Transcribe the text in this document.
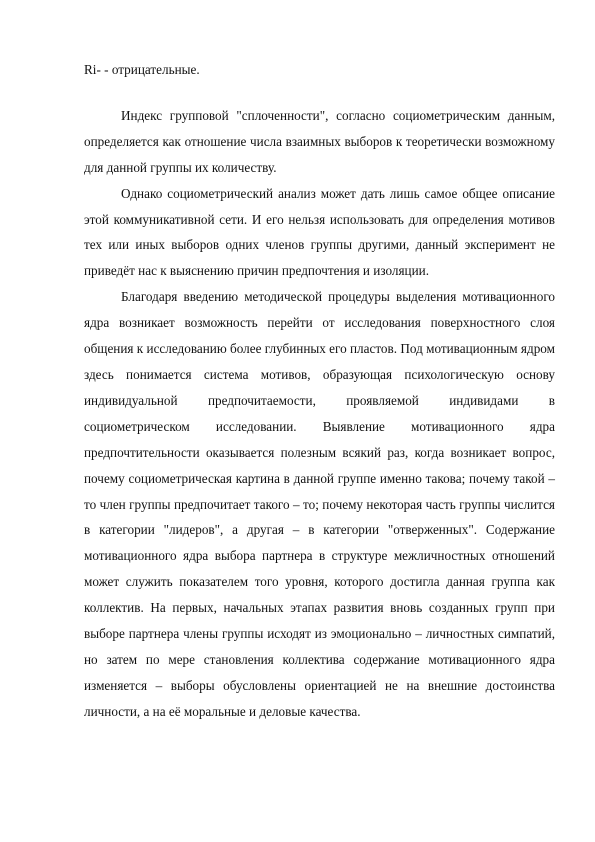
Ri- - отрицательные.

Индекс групповой "сплоченности", согласно социометрическим данным, определяется как отношение числа взаимных выборов к теоретически возможному для данной группы их количеству.

Однако социометрический анализ может дать лишь самое общее описание этой коммуникативной сети. И его нельзя использовать для определения мотивов тех или иных выборов одних членов группы другими, данный эксперимент не приведёт нас к выяснению причин предпочтения и изоляции.

Благодаря введению методической процедуры выделения мотивационного ядра возникает возможность перейти от исследования поверхностного слоя общения к исследованию более глубинных его пластов. Под мотивационным ядром здесь понимается система мотивов, образующая психологическую основу индивидуальной предпочитаемости, проявляемой индивидами в социометрическом исследовании. Выявление мотивационного ядра предпочтительности оказывается полезным всякий раз, когда возникает вопрос, почему социометрическая картина в данной группе именно такова; почему такой –то член группы предпочитает такого – то; почему некоторая часть группы числится в категории "лидеров", а другая – в категории "отверженных". Содержание мотивационного ядра выбора партнера в структуре межличностных отношений может служить показателем того уровня, которого достигла данная группа как коллектив. На первых, начальных этапах развития вновь созданных групп при выборе партнера члены группы исходят из эмоционально – личностных симпатий, но затем по мере становления коллектива содержание мотивационного ядра изменяется – выборы обусловлены ориентацией не на внешние достоинства личности, а на её моральные и деловые качества.
